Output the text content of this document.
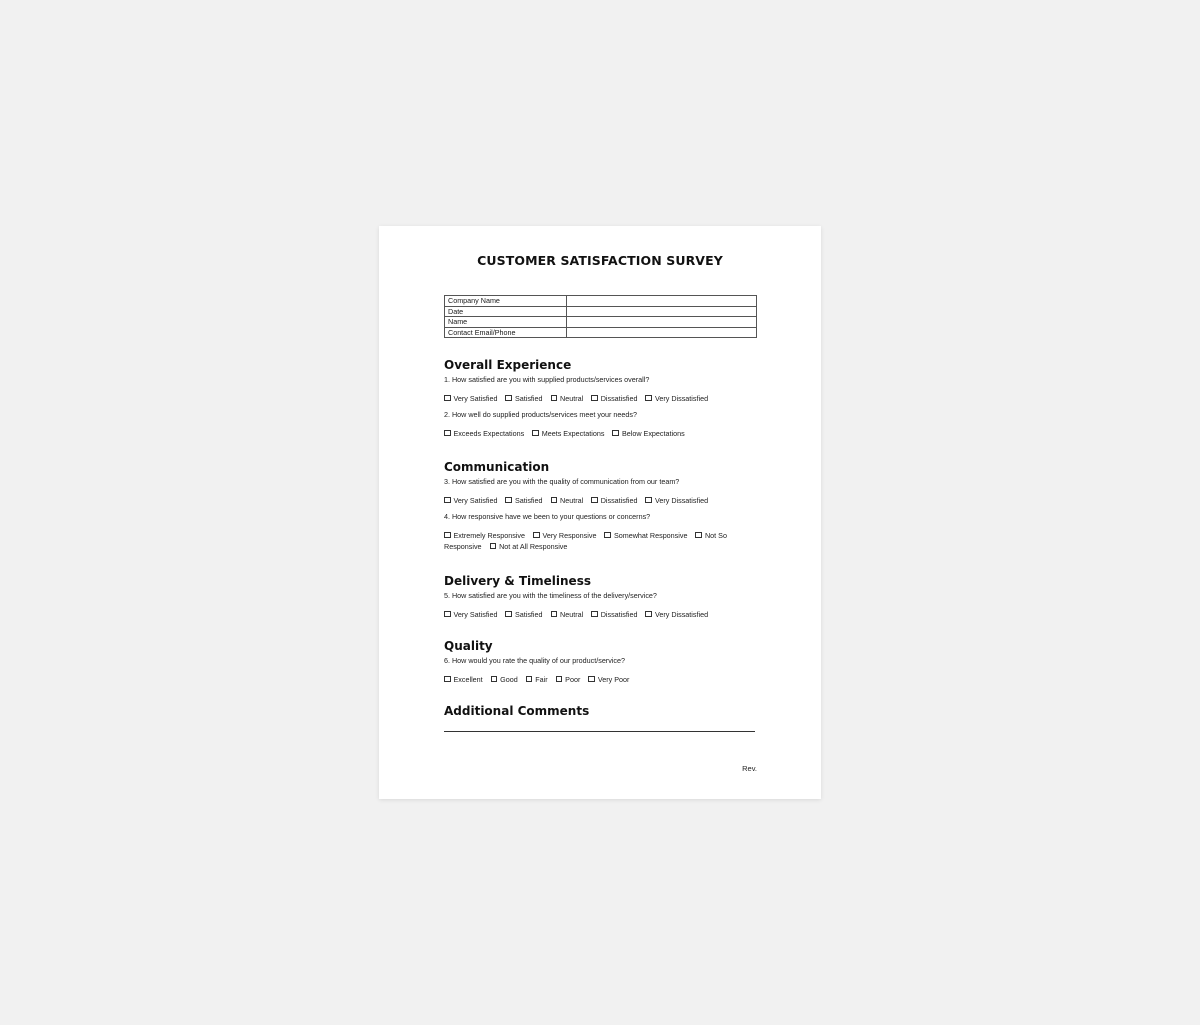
CUSTOMER SATISFACTION SURVEY
Company Name	
Date	
Name	
Contact Email/Phone	
Overall Experience

1. How satisfied are you with supplied products/services overall?

Very Satisfied Satisfied Neutral Dissatisfied Very Dissatisfied

2. How well do supplied products/services meet your needs?

Exceeds Expectations Meets Expectations Below Expectations

Communication

3. How satisfied are you with the quality of communication from our team?

Very Satisfied Satisfied Neutral Dissatisfied Very Dissatisfied

4. How responsive have we been to your questions or concerns?

Extremely Responsive Very Responsive Somewhat Responsive Not So Responsive Not at All Responsive

Delivery & Timeliness

5. How satisfied are you with the timeliness of the delivery/service?

Very Satisfied Satisfied Neutral Dissatisfied Very Dissatisfied

Quality

6. How would you rate the quality of our product/service?

Excellent Good Fair Poor Very Poor

Additional Comments
Rev.
